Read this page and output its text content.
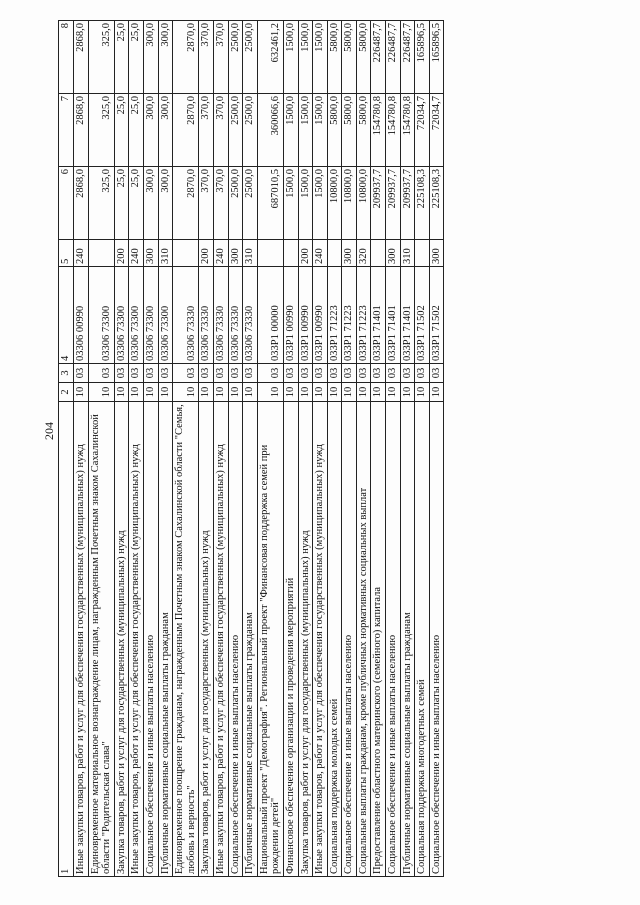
204
1	2	3	4	5	6	7	8
Иные закупки товаров, работ и услуг для обеспечения государственных (муниципальных) нужд	10	03	03306 00990	240	2868,0	2868,0	2868,0
Единовременное материальное вознаграждение лицам, награжденным Почетным знаком Сахалинской области "Родительская слава"	10	03	03306 73300		325,0	325,0	325,0
Закупка товаров, работ и услуг для государственных (муниципальных) нужд	10	03	03306 73300	200	25,0	25,0	25,0
Иные закупки товаров, работ и услуг для обеспечения государственных (муниципальных) нужд	10	03	03306 73300	240	25,0	25,0	25,0
Социальное обеспечение и иные выплаты населению	10	03	03306 73300	300	300,0	300,0	300,0
Публичные нормативные социальные выплаты гражданам	10	03	03306 73300	310	300,0	300,0	300,0
Единовременное поощрение гражданам, награжденным Почетным знаком Сахалинской области "Семья, любовь и верность"	10	03	03306 73330		2870,0	2870,0	2870,0
Закупка товаров, работ и услуг для государственных (муниципальных) нужд	10	03	03306 73330	200	370,0	370,0	370,0
Иные закупки товаров, работ и услуг для обеспечения государственных (муниципальных) нужд	10	03	03306 73330	240	370,0	370,0	370,0
Социальное обеспечение и иные выплаты населению	10	03	03306 73330	300	2500,0	2500,0	2500,0
Публичные нормативные социальные выплаты гражданам	10	03	03306 73330	310	2500,0	2500,0	2500,0
Национальный проект "Демография". Региональный проект "Финансовая поддержка семей при рождении детей"	10	03	033P1 00000		687010,5	360066,6	632461,2
Финансовое обеспечение организации и проведения мероприятий	10	03	033P1 00990		1500,0	1500,0	1500,0
Закупка товаров, работ и услуг для государственных (муниципальных) нужд	10	03	033P1 00990	200	1500,0	1500,0	1500,0
Иные закупки товаров, работ и услуг для обеспечения государственных (муниципальных) нужд	10	03	033P1 00990	240	1500,0	1500,0	1500,0
Социальная поддержка молодых семей	10	03	033P1 71223		10800,0	5800,0	5800,0
Социальное обеспечение и иные выплаты населению	10	03	033P1 71223	300	10800,0	5800,0	5800,0
Социальные выплаты гражданам, кроме публичных нормативных социальных выплат	10	03	033P1 71223	320	10800,0	5800,0	5800,0
Предоставление областного материнского (семейного) капитала	10	03	033P1 71401		209937,7	154780,8	226487,7
Социальное обеспечение и иные выплаты населению	10	03	033P1 71401	300	209937,7	154780,8	226487,7
Публичные нормативные социальные выплаты гражданам	10	03	033P1 71401	310	209937,7	154780,8	226487,7
Социальная поддержка многодетных семей	10	03	033P1 71502		225108,3	72034,7	165896,5
Социальное обеспечение и иные выплаты населению	10	03	033P1 71502	300	225108,3	72034,7	165896,5
